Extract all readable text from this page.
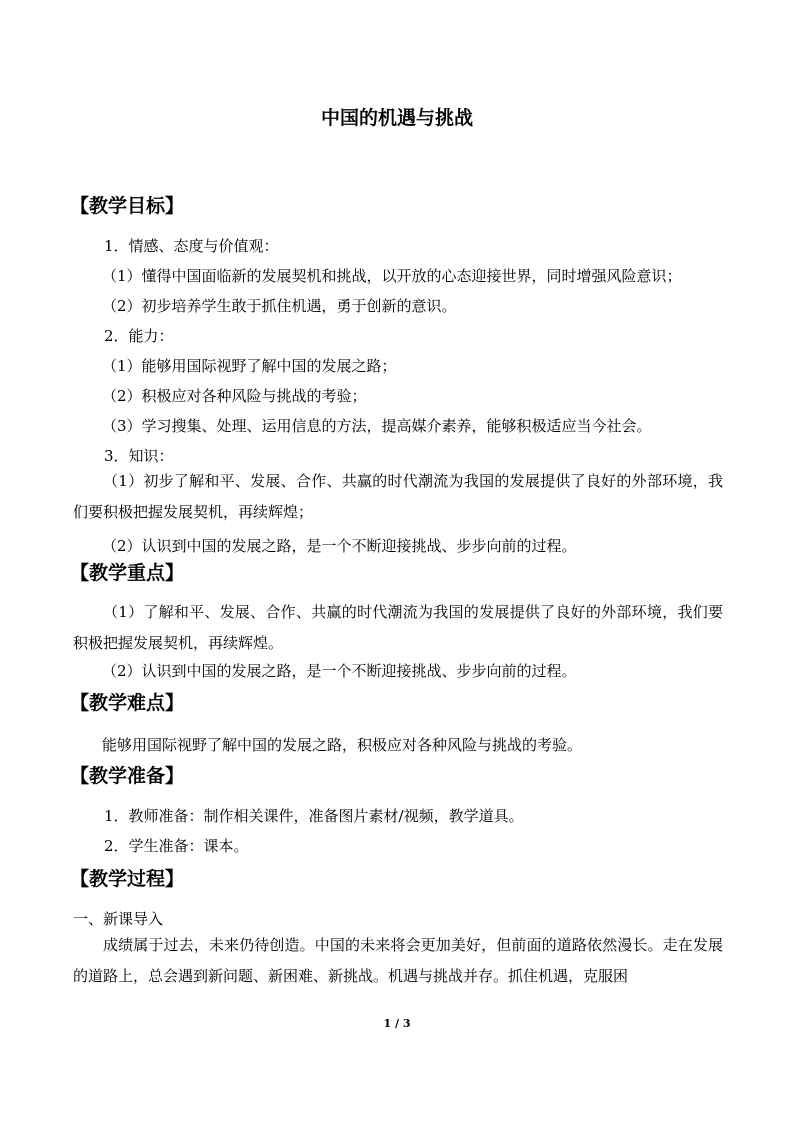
中国的机遇与挑战
【教学目标】
1．情感、态度与价值观：
（1）懂得中国面临新的发展契机和挑战，以开放的心态迎接世界，同时增强风险意识；
（2）初步培养学生敢于抓住机遇，勇于创新的意识。
2．能力：
（1）能够用国际视野了解中国的发展之路；
（2）积极应对各种风险与挑战的考验；
（3）学习搜集、处理、运用信息的方法，提高媒介素养，能够积极适应当今社会。
3．知识：
（1）初步了解和平、发展、合作、共赢的时代潮流为我国的发展提供了良好的外部环境，我们要积极把握发展契机，再续辉煌；
（2）认识到中国的发展之路，是一个不断迎接挑战、步步向前的过程。
【教学重点】
（1）了解和平、发展、合作、共赢的时代潮流为我国的发展提供了良好的外部环境，我们要积极把握发展契机，再续辉煌。
（2）认识到中国的发展之路，是一个不断迎接挑战、步步向前的过程。
【教学难点】
能够用国际视野了解中国的发展之路，积极应对各种风险与挑战的考验。
【教学准备】
1．教师准备：制作相关课件，准备图片素材/视频，教学道具。
2．学生准备：课本。
【教学过程】
一、新课导入
成绩属于过去，未来仍待创造。中国的未来将会更加美好，但前面的道路依然漫长。走在发展的道路上，总会遇到新问题、新困难、新挑战。机遇与挑战并存。抓住机遇，克服困
1 / 3
